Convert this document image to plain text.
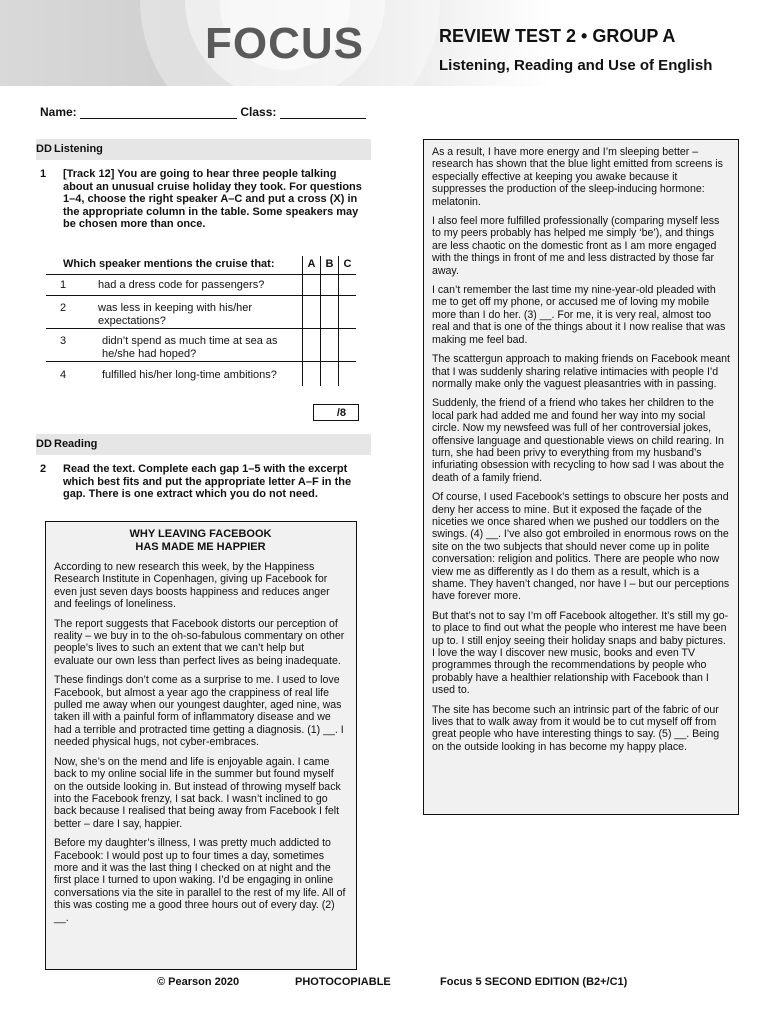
FOCUS	REVIEW TEST 2 • GROUP A
Listening, Reading and Use of English
Name:	Class:
DD Listening
1 [Track 12] You are going to hear three people talking about an unusual cruise holiday they took. For questions 1–4, choose the right speaker A–C and put a cross (X) in the appropriate column in the table. Some speakers may be chosen more than once.
Which speaker mentions the cruise that:		A	B	C
1	had a dress code for passengers?			
2	was less in keeping with his/her expectations?			
3	didn’t spend as much time at sea as he/she had hoped?			
4	fulfilled his/her long-time ambitions?			
/8
DD Reading
2 Read the text. Complete each gap 1–5 with the excerpt which best fits and put the appropriate letter A–F in the gap. There is one extract which you do not need.
WHY LEAVING FACEBOOK
HAS MADE ME HAPPIER

According to new research this week, by the Happiness Research Institute in Copenhagen, giving up Facebook for even just seven days boosts happiness and reduces anger and feelings of loneliness.

The report suggests that Facebook distorts our perception of reality – we buy in to the oh-so-fabulous commentary on other people’s lives to such an extent that we can’t help but evaluate our own less than perfect lives as being inadequate.

These findings don’t come as a surprise to me. I used to love Facebook, but almost a year ago the crappiness of real life pulled me away when our youngest daughter, aged nine, was taken ill with a painful form of inflammatory disease and we had a terrible and protracted time getting a diagnosis. (1) __. I needed physical hugs, not cyber-embraces.

Now, she’s on the mend and life is enjoyable again. I came back to my online social life in the summer but found myself on the outside looking in. But instead of throwing myself back into the Facebook frenzy, I sat back. I wasn’t inclined to go back because I realised that being away from Facebook I felt better – dare I say, happier.

Before my daughter’s illness, I was pretty much addicted to Facebook: I would post up to four times a day, sometimes more and it was the last thing I checked on at night and the first place I turned to upon waking. I’d be engaging in online conversations via the site in parallel to the rest of my life. All of this was costing me a good three hours out of every day. (2) __.

As a result, I have more energy and I’m sleeping better – research has shown that the blue light emitted from screens is especially effective at keeping you awake because it suppresses the production of the sleep-inducing hormone: melatonin.

I also feel more fulfilled professionally (comparing myself less to my peers probably has helped me simply ‘be’), and things are less chaotic on the domestic front as I am more engaged with the things in front of me and less distracted by those far away.

I can’t remember the last time my nine-year-old pleaded with me to get off my phone, or accused me of loving my mobile more than I do her. (3) __. For me, it is very real, almost too real and that is one of the things about it I now realise that was making me feel bad.

The scattergun approach to making friends on Facebook meant that I was suddenly sharing relative intimacies with people I’d normally make only the vaguest pleasantries with in passing.

Suddenly, the friend of a friend who takes her children to the local park had added me and found her way into my social circle. Now my newsfeed was full of her controversial jokes, offensive language and questionable views on child rearing. In turn, she had been privy to everything from my husband’s infuriating obsession with recycling to how sad I was about the death of a family friend.

Of course, I used Facebook’s settings to obscure her posts and deny her access to mine. But it exposed the façade of the niceties we once shared when we pushed our toddlers on the swings. (4) __. I’ve also got embroiled in enormous rows on the site on the two subjects that should never come up in polite conversation: religion and politics. There are people who now view me as differently as I do them as a result, which is a shame. They haven’t changed, nor have I – but our perceptions have forever more.

But that’s not to say I’m off Facebook altogether. It’s still my go-to place to find out what the people who interest me have been up to. I still enjoy seeing their holiday snaps and baby pictures. I love the way I discover new music, books and even TV programmes through the recommendations by people who probably have a healthier relationship with Facebook than I used to.

The site has become such an intrinsic part of the fabric of our lives that to walk away from it would be to cut myself off from great people who have interesting things to say. (5) __. Being on the outside looking in has become my happy place.

© Pearson 2020	PHOTOCOPIABLE	Focus 5 SECOND EDITION (B2+/C1)
